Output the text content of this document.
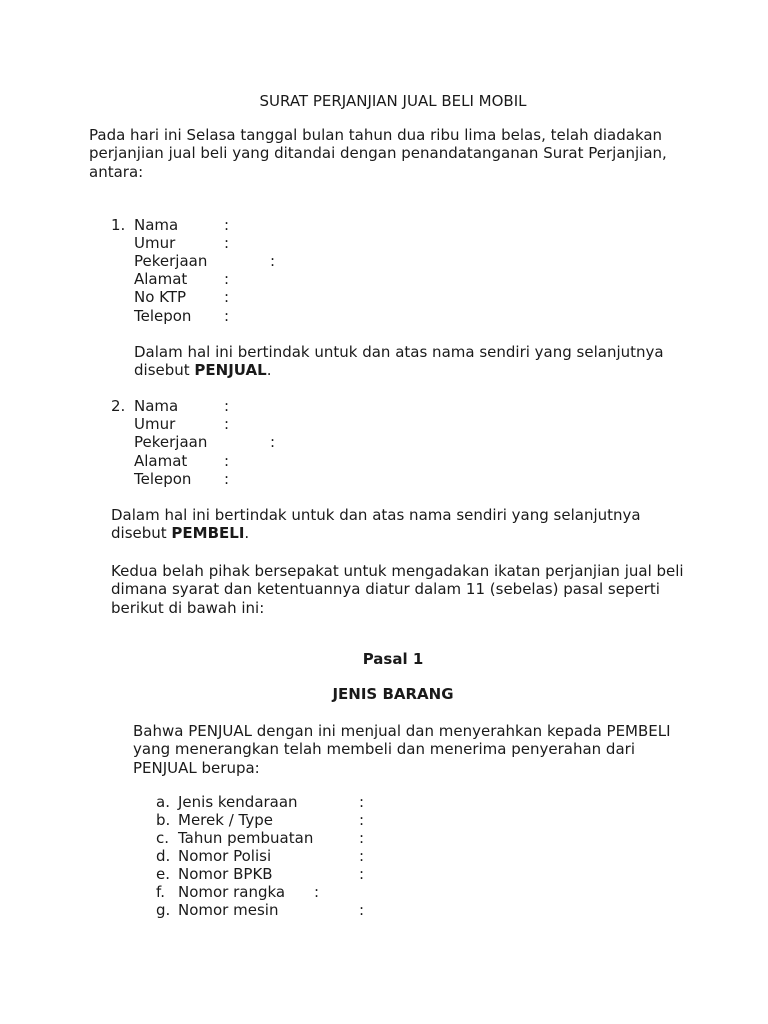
SURAT PERJANJIAN JUAL BELI MOBIL
Pada hari ini Selasa tanggal bulan tahun dua ribu lima belas, telah diadakan
perjanjian jual beli yang ditandai dengan penandatanganan Surat Perjanjian,
antara:
1. Nama	:
Umur	:
Pekerjaan	:
Alamat :
No KTP	:
Telepon :
Dalam hal ini bertindak untuk dan atas nama sendiri yang selanjutnya
disebut PENJUAL.
2. Nama	:
Umur	:
Pekerjaan	:
Alamat :
Telepon :
Dalam hal ini bertindak untuk dan atas nama sendiri yang selanjutnya
disebut PEMBELI.
Kedua belah pihak bersepakat untuk mengadakan ikatan perjanjian jual beli
dimana syarat dan ketentuannya diatur dalam 11 (sebelas) pasal seperti
berikut di bawah ini:
Pasal 1
JENIS BARANG
Bahwa PENJUAL dengan ini menjual dan menyerahkan kepada PEMBELI
yang menerangkan telah membeli dan menerima penyerahan dari
PENJUAL berupa:
a. Jenis kendaraan	:
b. Merek / Type	:
c. Tahun pembuatan	:
d. Nomor Polisi	:
e. Nomor BPKB	:
f. Nomor rangka :
g. Nomor mesin	:
